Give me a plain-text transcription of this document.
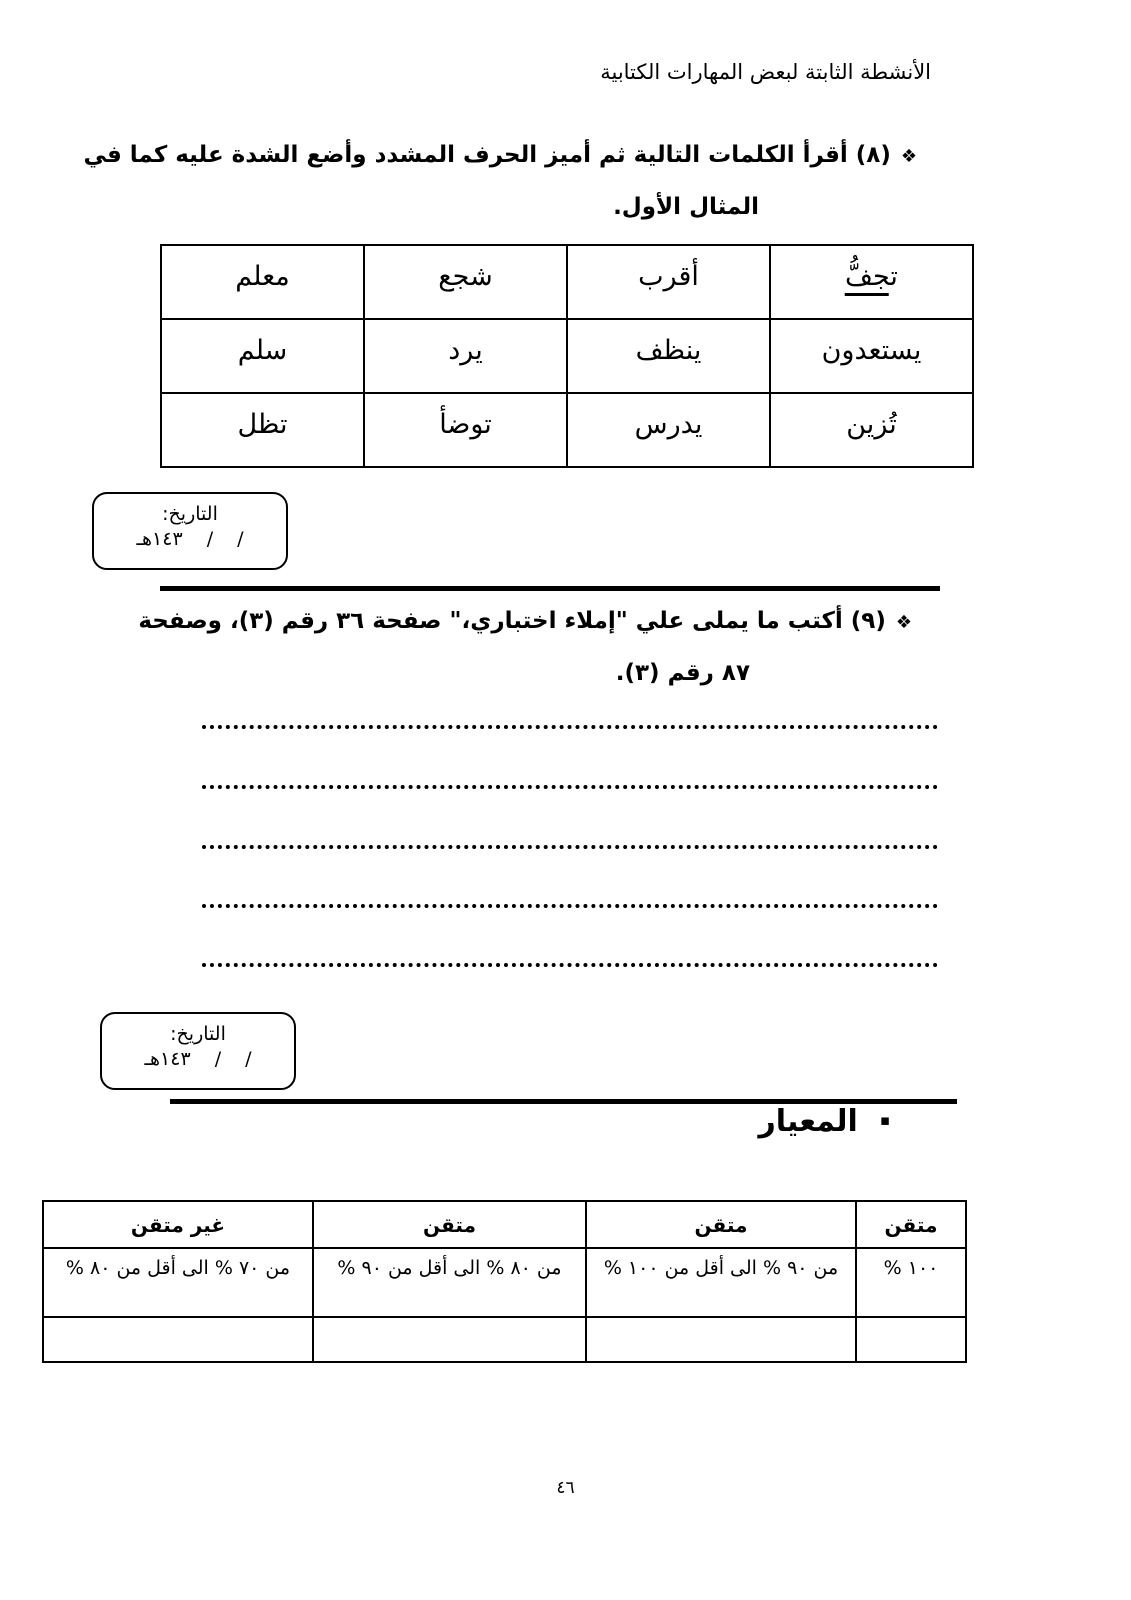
الأنشطة الثابتة لبعض المهارات الكتابية
❖(٨) أقرأ الكلمات التالية ثم أميز الحرف المشدد وأضع الشدة عليه كما في
المثال الأول.
تجفُّ	أقرب	شجع	معلم
يستعدون	ينظف	يرد	سلم
تُزين	يدرس	توضأ	تظل
التاريخ:
/ / ١٤٣هـ
❖(٩) أكتب ما يملى علي "إملاء اختباري،" صفحة ٣٦ رقم (٣)، وصفحة
٨٧ رقم (٣).
التاريخ:
/ / ١٤٣هـ
▪المعيار
متقن	متقن	متقن	غير متقن
١٠٠ %	من ٩٠ % الى أقل من ١٠٠ %	من ٨٠ % الى أقل من ٩٠ %	من ٧٠ % الى أقل من ٨٠ %

٤٦
